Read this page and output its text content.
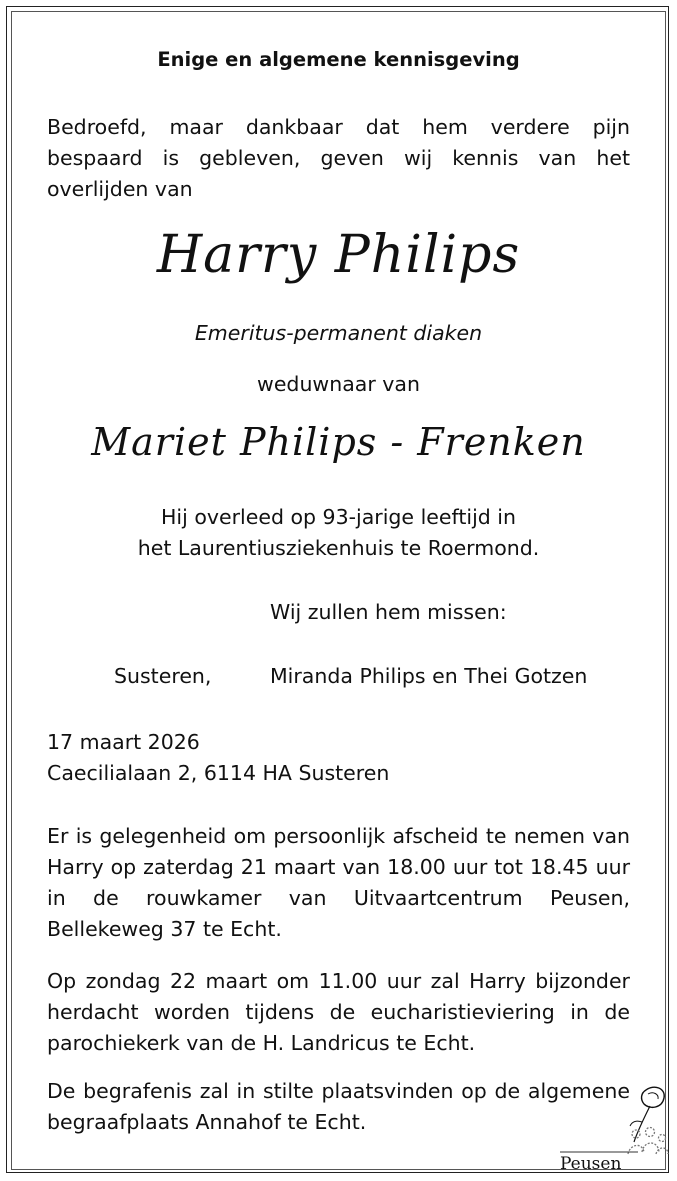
Enige en algemene kennisgeving
Bedroefd, maar dankbaar dat hem verdere pijn bespaard is gebleven, geven wij kennis van het overlijden van
Harry Philips
Emeritus-permanent diaken
weduwnaar van
Mariet Philips - Frenken
Hij overleed op 93-jarige leeftijd in
het Laurentiusziekenhuis te Roermond.
Wij zullen hem missen:
Susteren,	Miranda Philips en Thei Gotzen
17 maart 2026
Caecilialaan 2, 6114 HA Susteren
Er is gelegenheid om persoonlijk afscheid te nemen van Harry op zaterdag 21 maart van 18.00 uur tot 18.45 uur in de rouwkamer van Uitvaartcentrum Peusen, Bellekeweg 37 te Echt.
Op zondag 22 maart om 11.00 uur zal Harry bijzonder herdacht worden tijdens de eucharistieviering in de parochiekerk van de H. Landricus te Echt.
De begrafenis zal in stilte plaatsvinden op de algemene begraafplaats Annahof te Echt.
Peusen
